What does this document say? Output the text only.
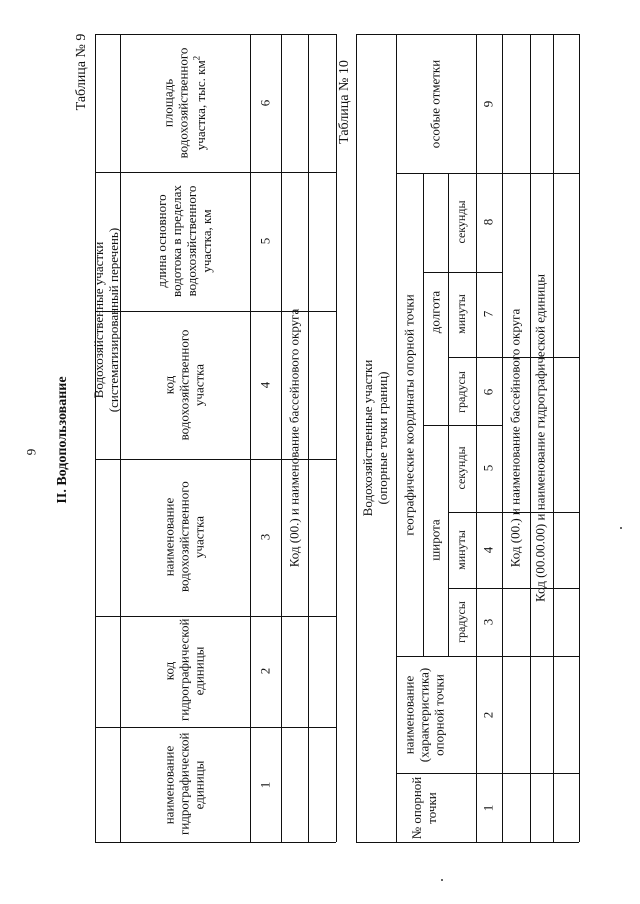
9 II. Водопользование
Таблица № 9
Водохозяйственные участки (систематизированный перечень)
наименование гидрографической единицы
код гидрографической единицы
наименование водохозяйственного участка
код водохозяйственного участка
длина основного водотока в пределах водохозяйственного участка, км
площадь водохозяйственного участка, тыс. $км^2$
1
2
3
4
5
6
Код (00.) и наименование бассейнового округа
Таблица № 10
Водохозяйственные участки (опорные точки границ)
№ опорной точки
наименование (характеристика) опорной точки
географические координаты опорной точки
широта
долгота
градусы
минуты
секунды
градусы
минуты
секунды
особые отметки
1
2
3
4
5
6
7
8
9
Код (00.) и наименование бассейнового округа Код (00.00.00) и наименование гидрографической единицы
